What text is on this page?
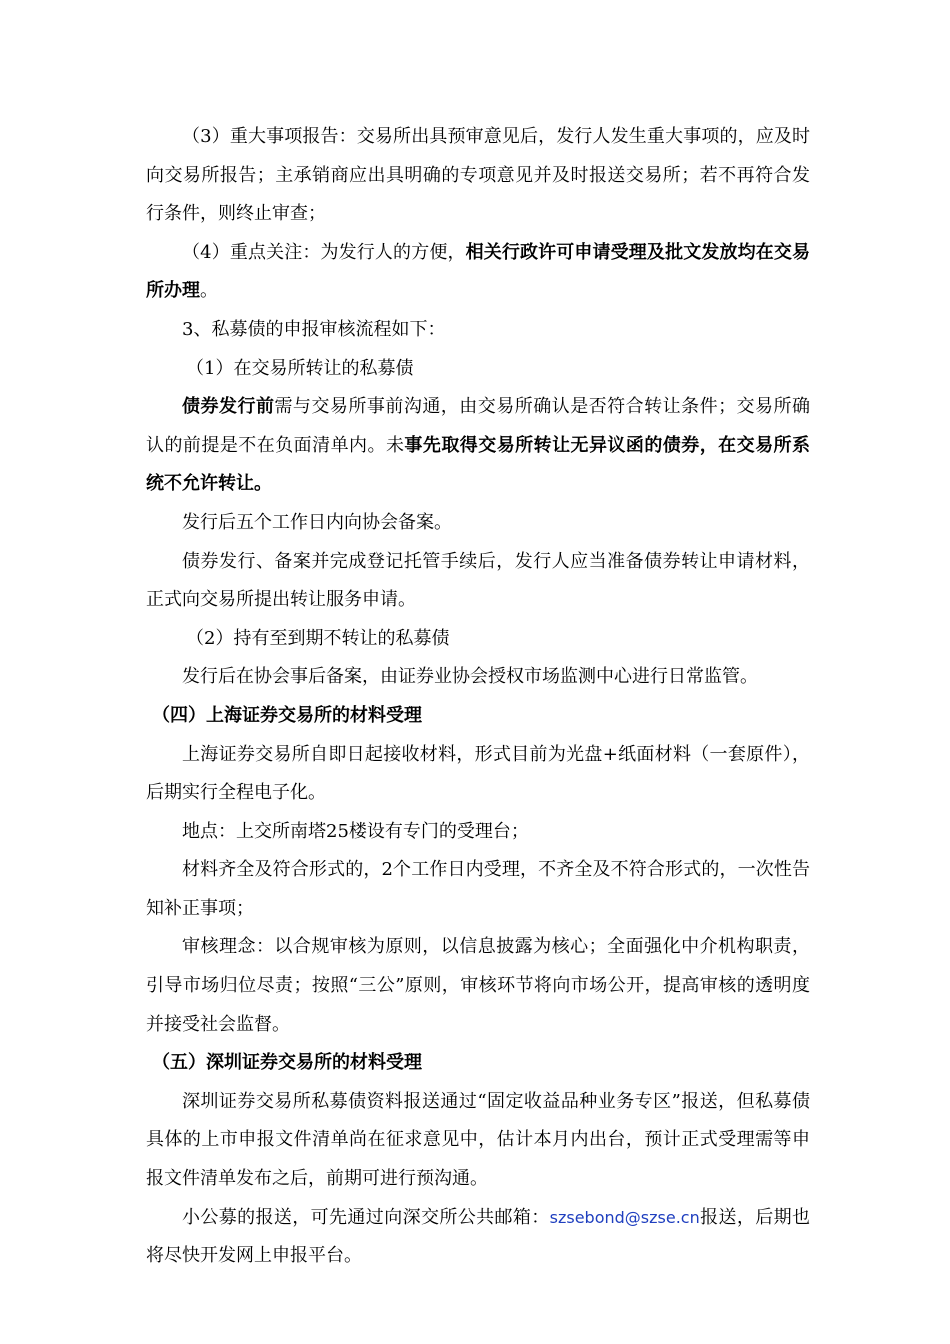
（3）重大事项报告：交易所出具预审意见后，发行人发生重大事项的，应及时向交易所报告；主承销商应出具明确的专项意见并及时报送交易所；若不再符合发行条件，则终止审查；

（4）重点关注：为发行人的方便，相关行政许可申请受理及批文发放均在交易所办理。

3、私募债的申报审核流程如下：

（1）在交易所转让的私募债

债券发行前需与交易所事前沟通，由交易所确认是否符合转让条件；交易所确认的前提是不在负面清单内。未事先取得交易所转让无异议函的债券，在交易所系统不允许转让。

发行后五个工作日内向协会备案。

债券发行、备案并完成登记托管手续后，发行人应当准备债券转让申请材料，正式向交易所提出转让服务申请。

（2）持有至到期不转让的私募债

发行后在协会事后备案，由证券业协会授权市场监测中心进行日常监管。

（四）上海证券交易所的材料受理

上海证券交易所自即日起接收材料，形式目前为光盘+纸面材料（一套原件），后期实行全程电子化。

地点：上交所南塔25楼设有专门的受理台；

材料齐全及符合形式的，2个工作日内受理，不齐全及不符合形式的，一次性告知补正事项；

审核理念：以合规审核为原则，以信息披露为核心；全面强化中介机构职责，引导市场归位尽责；按照“三公”原则，审核环节将向市场公开，提高审核的透明度并接受社会监督。

（五）深圳证券交易所的材料受理

深圳证券交易所私募债资料报送通过“固定收益品种业务专区”报送，但私募债具体的上市申报文件清单尚在征求意见中，估计本月内出台，预计正式受理需等申报文件清单发布之后，前期可进行预沟通。

小公募的报送，可先通过向深交所公共邮箱：szsebond@szse.cn报送，后期也将尽快开发网上申报平台。
